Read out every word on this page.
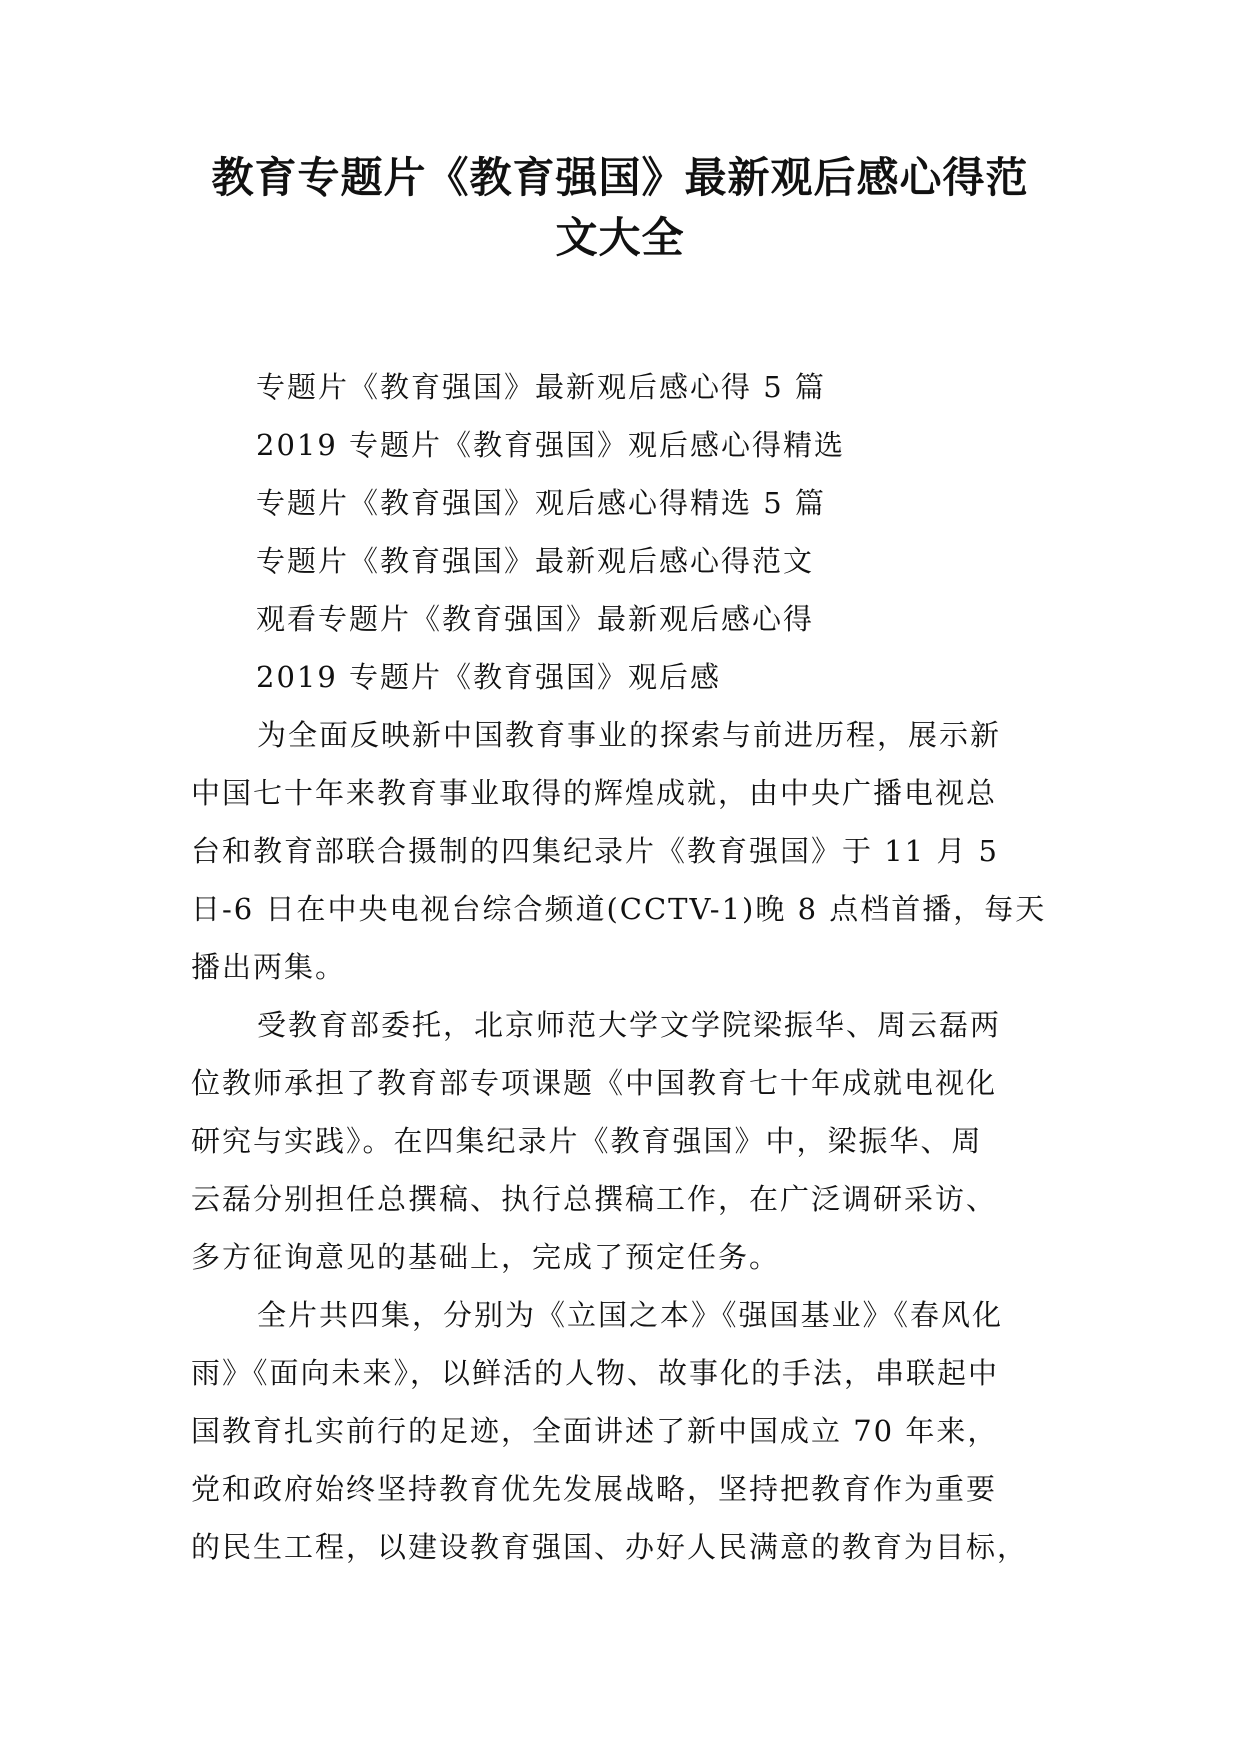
教育专题片《教育强国》最新观后感心得范
文大全
专题片《教育强国》最新观后感心得 5 篇
2019 专题片《教育强国》观后感心得精选
专题片《教育强国》观后感心得精选 5 篇
专题片《教育强国》最新观后感心得范文
观看专题片《教育强国》最新观后感心得
2019 专题片《教育强国》观后感
为全面反映新中国教育事业的探索与前进历程，展示新
中国七十年来教育事业取得的辉煌成就，由中央广播电视总
台和教育部联合摄制的四集纪录片《教育强国》于 11 月 5
日-6 日在中央电视台综合频道(CCTV-1)晚 8 点档首播，每天
播出两集。
受教育部委托，北京师范大学文学院梁振华、周云磊两
位教师承担了教育部专项课题《中国教育七十年成就电视化
研究与实践》。在四集纪录片《教育强国》中，梁振华、周
云磊分别担任总撰稿、执行总撰稿工作，在广泛调研采访、
多方征询意见的基础上，完成了预定任务。
全片共四集，分别为《立国之本》《强国基业》《春风化
雨》《面向未来》，以鲜活的人物、故事化的手法，串联起中
国教育扎实前行的足迹，全面讲述了新中国成立 70 年来，
党和政府始终坚持教育优先发展战略，坚持把教育作为重要
的民生工程，以建设教育强国、办好人民满意的教育为目标，
